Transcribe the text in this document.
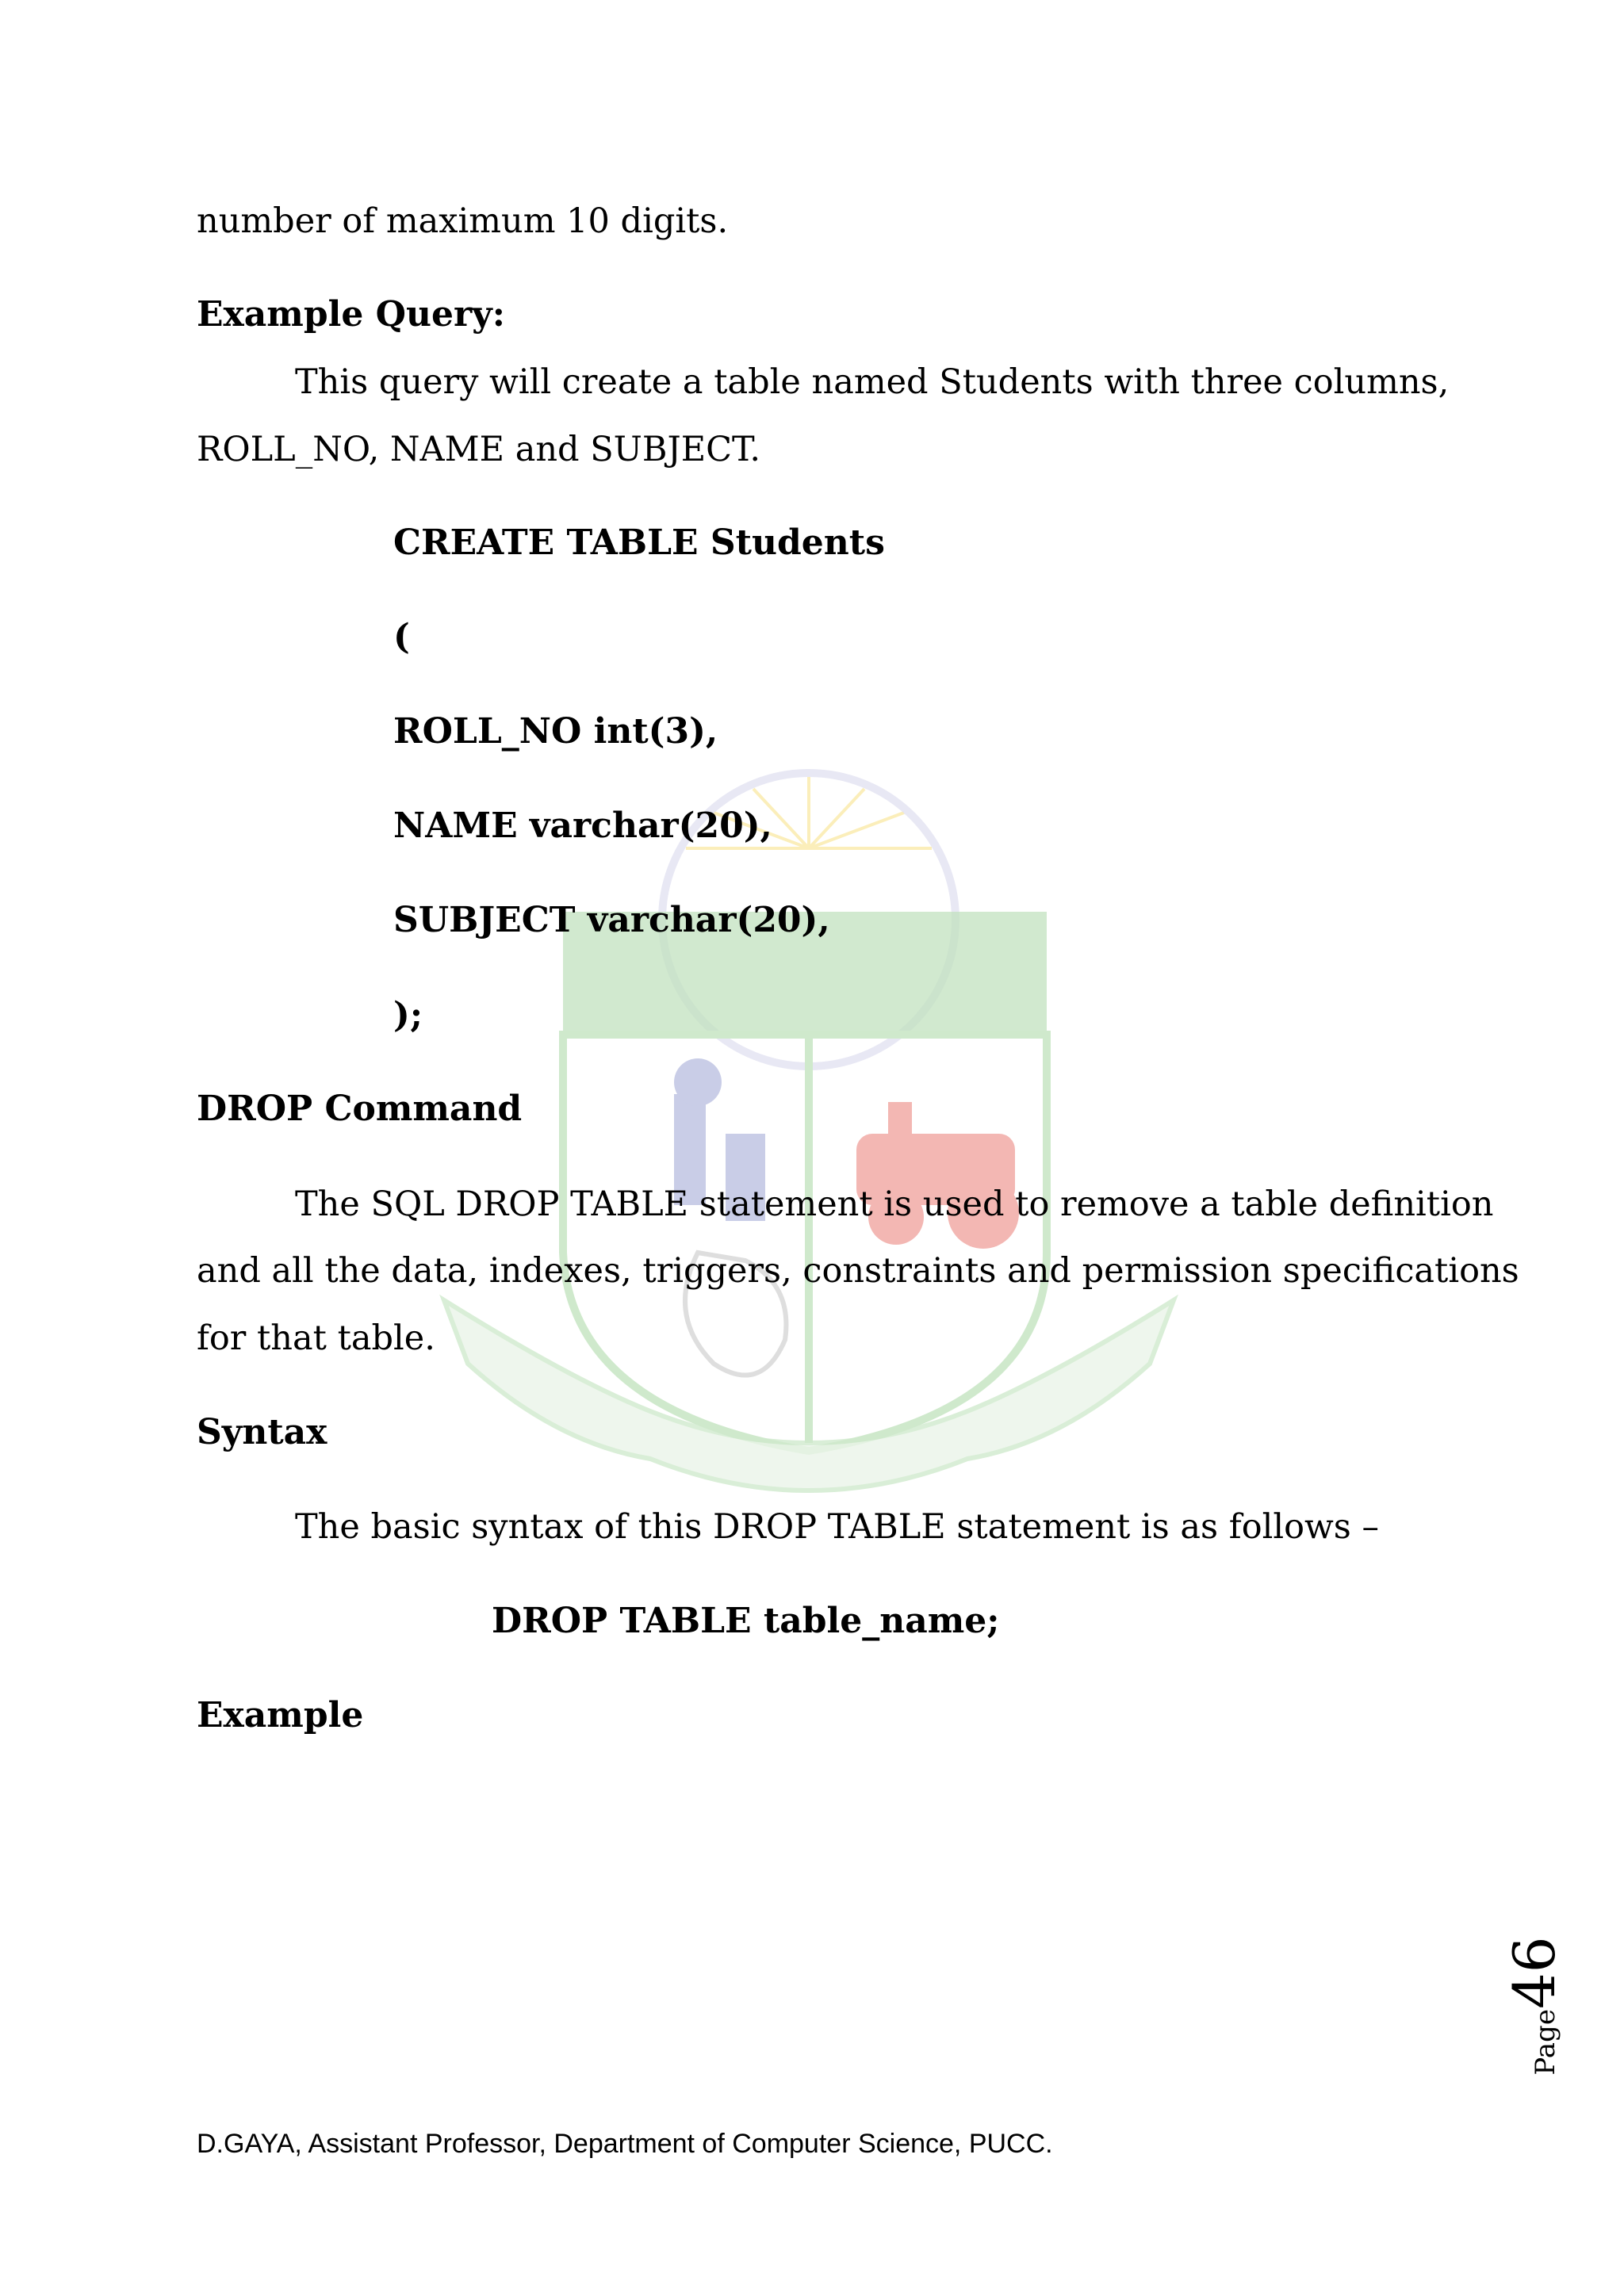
number of maximum 10 digits.
Example Query:
This query will create a table named Students with three columns,
ROLL_NO, NAME and SUBJECT.
CREATE TABLE Students
(
ROLL_NO int(3),
NAME varchar(20),
SUBJECT varchar(20),
);
DROP Command
The SQL DROP TABLE statement is used to remove a table definition
and all the data, indexes, triggers, constraints and permission specifications
for that table.
Syntax
The basic syntax of this DROP TABLE statement is as follows –
DROP TABLE table_name;
Example
Page
46
D.GAYA, Assistant Professor, Department of Computer Science, PUCC.
